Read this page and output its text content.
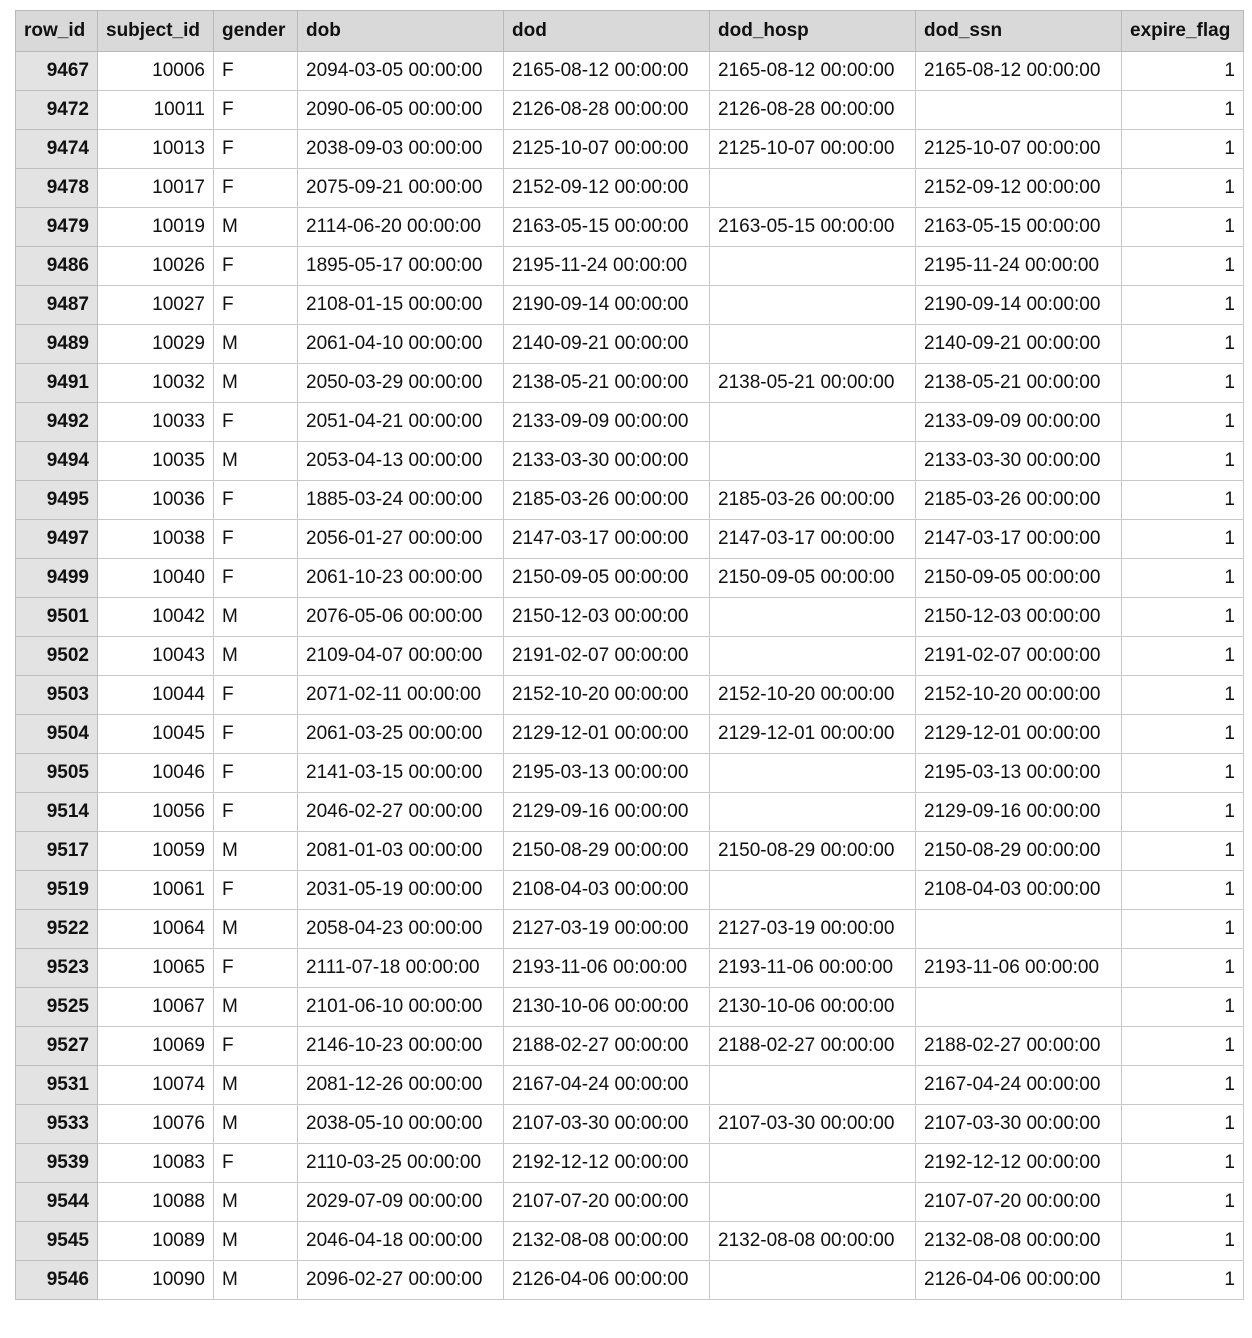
row_id	subject_id	gender	dob	dod	dod_hosp	dod_ssn	expire_flag
9467	10006	F	2094-03-05 00:00:00	2165-08-12 00:00:00	2165-08-12 00:00:00	2165-08-12 00:00:00	1
9472	10011	F	2090-06-05 00:00:00	2126-08-28 00:00:00	2126-08-28 00:00:00		1
9474	10013	F	2038-09-03 00:00:00	2125-10-07 00:00:00	2125-10-07 00:00:00	2125-10-07 00:00:00	1
9478	10017	F	2075-09-21 00:00:00	2152-09-12 00:00:00		2152-09-12 00:00:00	1
9479	10019	M	2114-06-20 00:00:00	2163-05-15 00:00:00	2163-05-15 00:00:00	2163-05-15 00:00:00	1
9486	10026	F	1895-05-17 00:00:00	2195-11-24 00:00:00		2195-11-24 00:00:00	1
9487	10027	F	2108-01-15 00:00:00	2190-09-14 00:00:00		2190-09-14 00:00:00	1
9489	10029	M	2061-04-10 00:00:00	2140-09-21 00:00:00		2140-09-21 00:00:00	1
9491	10032	M	2050-03-29 00:00:00	2138-05-21 00:00:00	2138-05-21 00:00:00	2138-05-21 00:00:00	1
9492	10033	F	2051-04-21 00:00:00	2133-09-09 00:00:00		2133-09-09 00:00:00	1
9494	10035	M	2053-04-13 00:00:00	2133-03-30 00:00:00		2133-03-30 00:00:00	1
9495	10036	F	1885-03-24 00:00:00	2185-03-26 00:00:00	2185-03-26 00:00:00	2185-03-26 00:00:00	1
9497	10038	F	2056-01-27 00:00:00	2147-03-17 00:00:00	2147-03-17 00:00:00	2147-03-17 00:00:00	1
9499	10040	F	2061-10-23 00:00:00	2150-09-05 00:00:00	2150-09-05 00:00:00	2150-09-05 00:00:00	1
9501	10042	M	2076-05-06 00:00:00	2150-12-03 00:00:00		2150-12-03 00:00:00	1
9502	10043	M	2109-04-07 00:00:00	2191-02-07 00:00:00		2191-02-07 00:00:00	1
9503	10044	F	2071-02-11 00:00:00	2152-10-20 00:00:00	2152-10-20 00:00:00	2152-10-20 00:00:00	1
9504	10045	F	2061-03-25 00:00:00	2129-12-01 00:00:00	2129-12-01 00:00:00	2129-12-01 00:00:00	1
9505	10046	F	2141-03-15 00:00:00	2195-03-13 00:00:00		2195-03-13 00:00:00	1
9514	10056	F	2046-02-27 00:00:00	2129-09-16 00:00:00		2129-09-16 00:00:00	1
9517	10059	M	2081-01-03 00:00:00	2150-08-29 00:00:00	2150-08-29 00:00:00	2150-08-29 00:00:00	1
9519	10061	F	2031-05-19 00:00:00	2108-04-03 00:00:00		2108-04-03 00:00:00	1
9522	10064	M	2058-04-23 00:00:00	2127-03-19 00:00:00	2127-03-19 00:00:00		1
9523	10065	F	2111-07-18 00:00:00	2193-11-06 00:00:00	2193-11-06 00:00:00	2193-11-06 00:00:00	1
9525	10067	M	2101-06-10 00:00:00	2130-10-06 00:00:00	2130-10-06 00:00:00		1
9527	10069	F	2146-10-23 00:00:00	2188-02-27 00:00:00	2188-02-27 00:00:00	2188-02-27 00:00:00	1
9531	10074	M	2081-12-26 00:00:00	2167-04-24 00:00:00		2167-04-24 00:00:00	1
9533	10076	M	2038-05-10 00:00:00	2107-03-30 00:00:00	2107-03-30 00:00:00	2107-03-30 00:00:00	1
9539	10083	F	2110-03-25 00:00:00	2192-12-12 00:00:00		2192-12-12 00:00:00	1
9544	10088	M	2029-07-09 00:00:00	2107-07-20 00:00:00		2107-07-20 00:00:00	1
9545	10089	M	2046-04-18 00:00:00	2132-08-08 00:00:00	2132-08-08 00:00:00	2132-08-08 00:00:00	1
9546	10090	M	2096-02-27 00:00:00	2126-04-06 00:00:00		2126-04-06 00:00:00	1
